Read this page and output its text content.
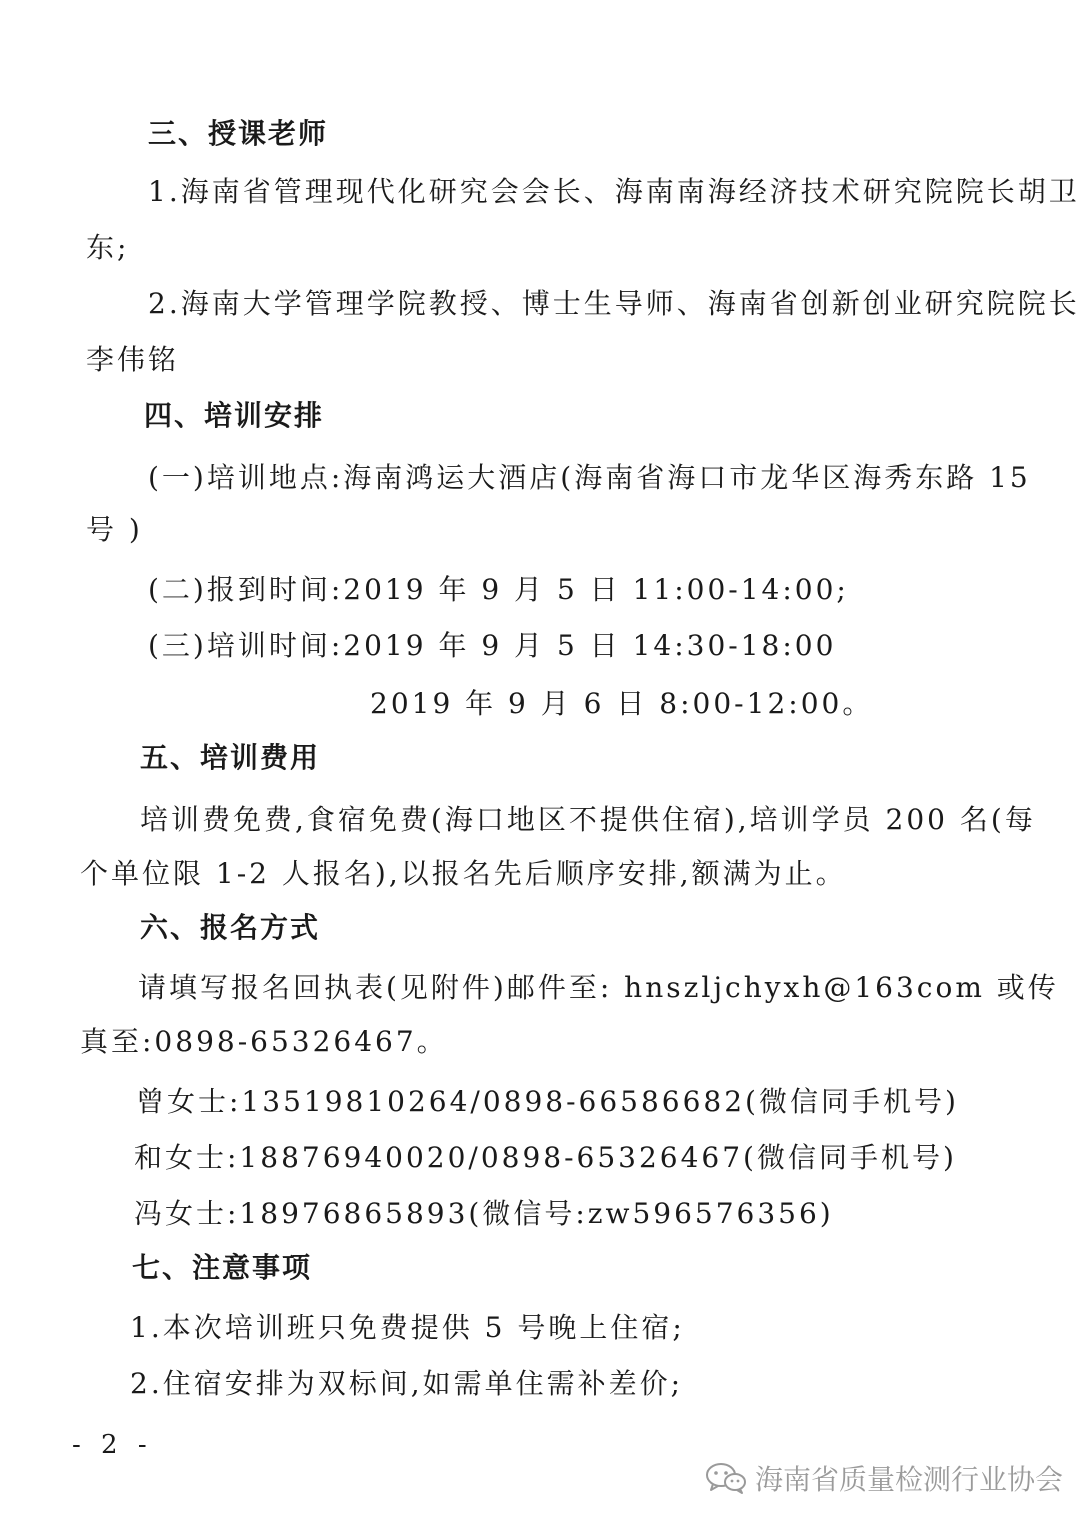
三、授课老师
1.海南省管理现代化研究会会长、海南南海经济技术研究院院长胡卫
东;
2.海南大学管理学院教授、博士生导师、海南省创新创业研究院院长
李伟铭
四、培训安排
(一)培训地点:海南鸿运大酒店(海南省海口市龙华区海秀东路 15
号 )
(二)报到时间:2019 年 9 月 5 日 11:00-14:00;
(三)培训时间:2019 年 9 月 5 日 14:30-18:00
2019 年 9 月 6 日 8:00-12:00。
五、培训费用
培训费免费,食宿免费(海口地区不提供住宿),培训学员 200 名(每
个单位限 1-2 人报名),以报名先后顺序安排,额满为止。
六、报名方式
请填写报名回执表(见附件)邮件至: hnszljchyxh@163com 或传
真至:0898-65326467。
曾女士:13519810264/0898-66586682(微信同手机号)
和女士:18876940020/0898-65326467(微信同手机号)
冯女士:18976865893(微信号:zw596576356)
七、注意事项
1.本次培训班只免费提供 5 号晚上住宿;
2.住宿安排为双标间,如需单住需补差价;
- 2 -
海南省质量检测行业协会
